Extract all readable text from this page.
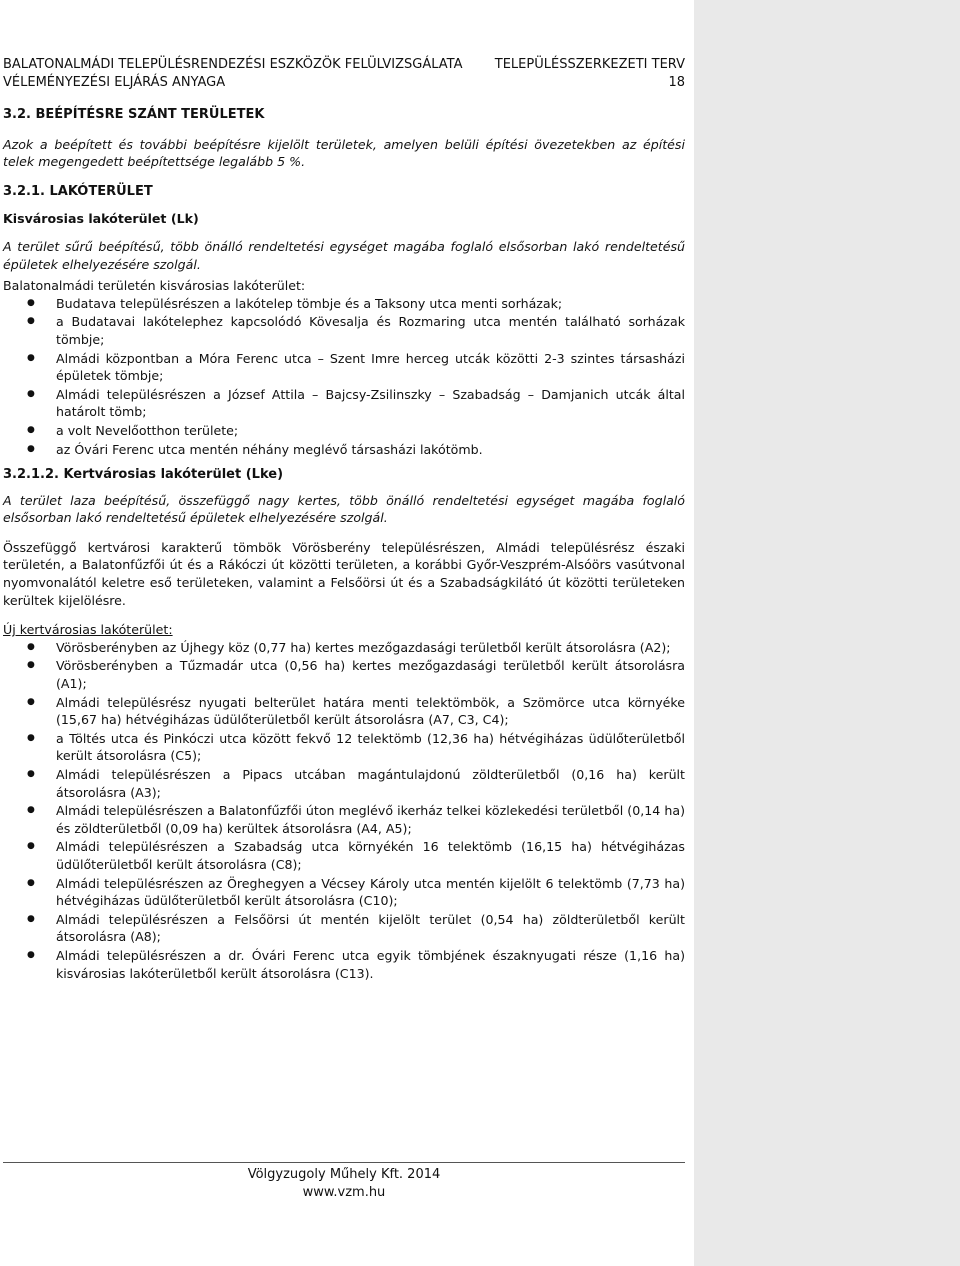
BALATONALMÁDI TELEPÜLÉSRENDEZÉSI ESZKÖZÖK FELÜLVIZSGÁLATA TELEPÜLÉSSZERKEZETI TERV
VÉLEMÉNYEZÉSI ELJÁRÁS ANYAGA	18
3.2. BEÉPÍTÉSRE SZÁNT TERÜLETEK

Azok a beépített és további beépítésre kijelölt területek, amelyen belüli építési övezetekben az építési telek megengedett beépítettsége legalább 5 %.

3.2.1. LAKÓTERÜLET

Kisvárosias lakóterület (Lk)

A terület sűrű beépítésű, több önálló rendeltetési egységet magába foglaló elsősorban lakó rendeltetésű épületek elhelyezésére szolgál.

Balatonalmádi területén kisvárosias lakóterület:

● Budatava településrészen a lakótelep tömbje és a Taksony utca menti sorházak;
● a Budatavai lakótelephez kapcsolódó Kövesalja és Rozmaring utca mentén található sorházak tömbje;
● Almádi központban a Móra Ferenc utca – Szent Imre herceg utcák közötti 2-3 szintes társasházi épületek tömbje;
● Almádi településrészen a József Attila – Bajcsy-Zsilinszky – Szabadság – Damjanich utcák által határolt tömb;
● a volt Nevelőotthon területe;
● az Óvári Ferenc utca mentén néhány meglévő társasházi lakótömb.
3.2.1.2. Kertvárosias lakóterület (Lke)

A terület laza beépítésű, összefüggő nagy kertes, több önálló rendeltetési egységet magába foglaló elsősorban lakó rendeltetésű épületek elhelyezésére szolgál.

Összefüggő kertvárosi karakterű tömbök Vörösberény településrészen, Almádi településrész északi területén, a Balatonfűzfői út és a Rákóczi út közötti területen, a korábbi Győr-Veszprém-Alsóörs vasútvonal nyomvonalától keletre eső területeken, valamint a Felsőörsi út és a Szabadságkilátó út közötti területeken kerültek kijelölésre.

Új kertvárosias lakóterület:

● Vörösberényben az Újhegy köz (0,77 ha) kertes mezőgazdasági területből került átsorolásra (A2);
● Vörösberényben a Tűzmadár utca (0,56 ha) kertes mezőgazdasági területből került átsorolásra (A1);
● Almádi településrész nyugati belterület határa menti telektömbök, a Szömörce utca környéke (15,67 ha) hétvégiházas üdülőterületből került átsorolásra (A7, C3, C4);
● a Töltés utca és Pinkóczi utca között fekvő 12 telektömb (12,36 ha) hétvégiházas üdülőterületből került átsorolásra (C5);
● Almádi településrészen a Pipacs utcában magántulajdonú zöldterületből (0,16 ha) került átsorolásra (A3);
● Almádi településrészen a Balatonfűzfői úton meglévő ikerház telkei közlekedési területből (0,14 ha) és zöldterületből (0,09 ha) kerültek átsorolásra (A4, A5);
● Almádi településrészen a Szabadság utca környékén 16 telektömb (16,15 ha) hétvégiházas üdülőterületből került átsorolásra (C8);
● Almádi településrészen az Öreghegyen a Vécsey Károly utca mentén kijelölt 6 telektömb (7,73 ha) hétvégiházas üdülőterületből került átsorolásra (C10);
● Almádi településrészen a Felsőörsi út mentén kijelölt terület (0,54 ha) zöldterületből került átsorolásra (A8);
● Almádi településrészen a dr. Óvári Ferenc utca egyik tömbjének északnyugati része (1,16 ha) kisvárosias lakóterületből került átsorolásra (C13).
Völgyzugoly Műhely Kft. 2014
www.vzm.hu
